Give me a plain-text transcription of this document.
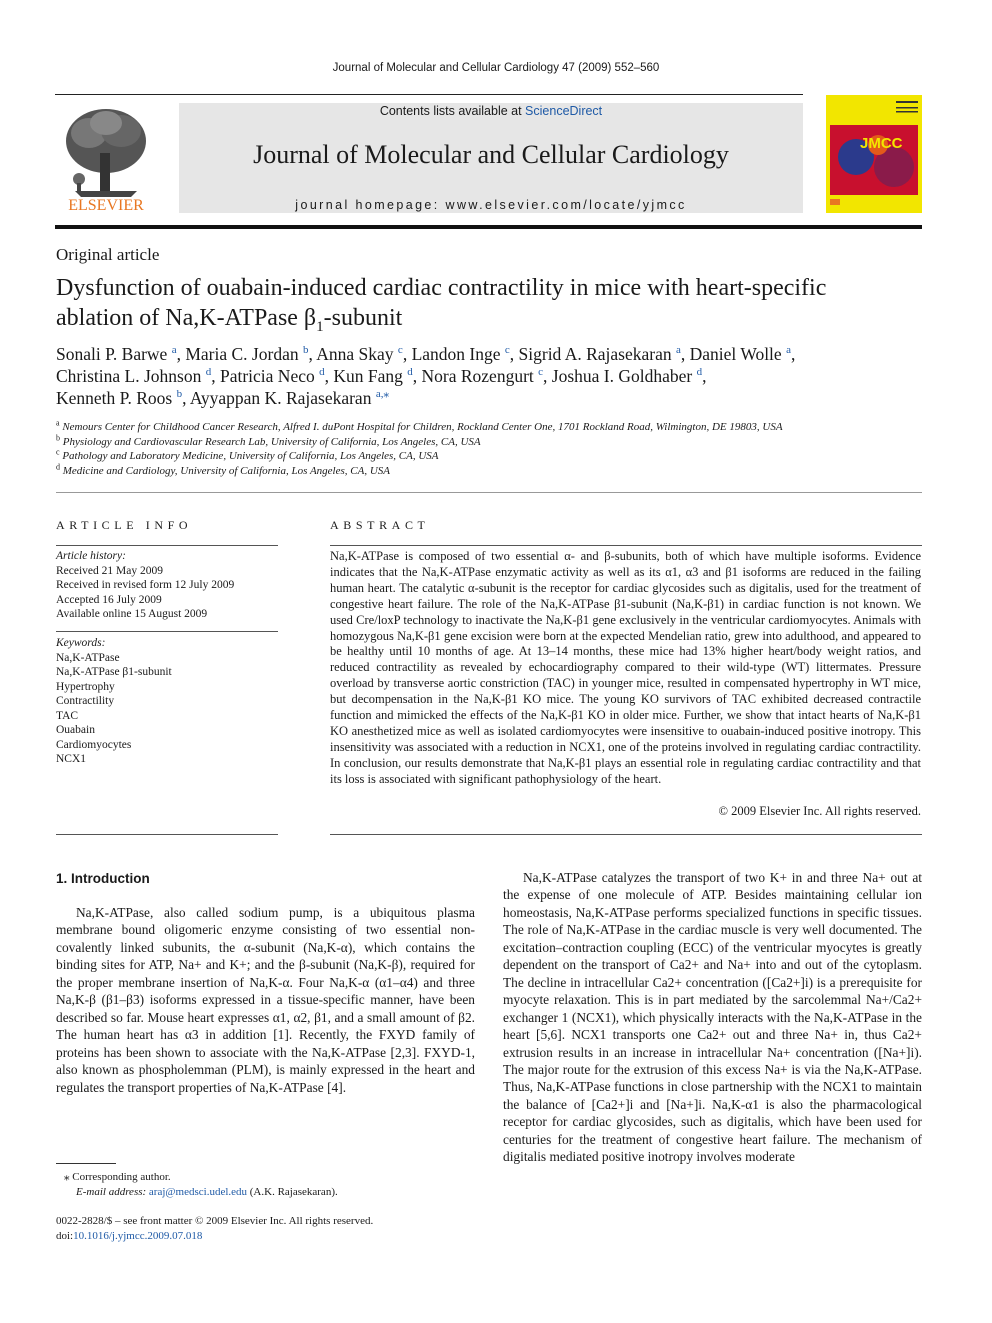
Journal of Molecular and Cellular Cardiology 47 (2009) 552–560
ELSEVIER
Contents lists available at ScienceDirect
Journal of Molecular and Cellular Cardiology
journal homepage: www.elsevier.com/locate/yjmcc
JMCC
Original article
Dysfunction of ouabain-induced cardiac contractility in mice with heart-specific
ablation of Na,K-ATPase $\beta_1$-subunit
Sonali P. Barwe $^a$, Maria C. Jordan $^b$, Anna Skay $^c$, Landon Inge $^c$, Sigrid A. Rajasekaran $^a$, Daniel Wolle $^a$,
Christina L. Johnson $^d$, Patricia Neco $^d$, Kun Fang $^d$, Nora Rozengurt $^c$, Joshua I. Goldhaber $^d$,
Kenneth P. Roos $^b$, Ayyappan K. Rajasekaran $^{a,⁎}$
$^a$ Nemours Center for Childhood Cancer Research, Alfred I. duPont Hospital for Children, Rockland Center One, 1701 Rockland Road, Wilmington, DE 19803, USA
$^b$ Physiology and Cardiovascular Research Lab, University of California, Los Angeles, CA, USA
$^c$ Pathology and Laboratory Medicine, University of California, Los Angeles, CA, USA
$^d$ Medicine and Cardiology, University of California, Los Angeles, CA, USA
ARTICLE INFO	ABSTRACT
Article history:
Received 21 May 2009
Received in revised form 12 July 2009
Accepted 16 July 2009
Available online 15 August 2009
Keywords:
Na,K-ATPase
Na,K-ATPase β1-subunit
Hypertrophy
Contractility
TAC
Ouabain
Cardiomyocytes
NCX1
Na,K-ATPase is composed of two essential α- and β-subunits, both of which have multiple isoforms. Evidence indicates that the Na,K-ATPase enzymatic activity as well as its α1, α3 and β1 isoforms are reduced in the failing human heart. The catalytic α-subunit is the receptor for cardiac glycosides such as digitalis, used for the treatment of congestive heart failure. The role of the Na,K-ATPase β1-subunit (Na,K-β1) in cardiac function is not known. We used Cre/loxP technology to inactivate the Na,K-β1 gene exclusively in the ventricular cardiomyocytes. Animals with homozygous Na,K-β1 gene excision were born at the expected Mendelian ratio, grew into adulthood, and appeared to be healthy until 10 months of age. At 13–14 months, these mice had 13% higher heart/body weight ratios, and reduced contractility as revealed by echocardiography compared to their wild-type (WT) littermates. Pressure overload by transverse aortic constriction (TAC) in younger mice, resulted in compensated hypertrophy in WT mice, but decompensation in the Na,K-β1 KO mice. The young KO survivors of TAC exhibited decreased contractile function and mimicked the effects of the Na,K-β1 KO in older mice. Further, we show that intact hearts of Na,K-β1 KO anesthetized mice as well as isolated cardiomyocytes were insensitive to ouabain-induced positive inotropy. This insensitivity was associated with a reduction in NCX1, one of the proteins involved in regulating cardiac contractility. In conclusion, our results demonstrate that Na,K-β1 plays an essential role in regulating cardiac contractility and that its loss is associated with significant pathophysiology of the heart.
© 2009 Elsevier Inc. All rights reserved.
1. Introduction
Na,K-ATPase, also called sodium pump, is a ubiquitous plasma membrane bound oligomeric enzyme consisting of two essential non-covalently linked subunits, the α-subunit (Na,K-α), which contains the binding sites for ATP, Na+ and K+; and the β-subunit (Na,K-β), required for the proper membrane insertion of Na,K-α. Four Na,K-α (α1–α4) and three Na,K-β (β1–β3) isoforms expressed in a tissue-specific manner, have been described so far. Mouse heart expresses α1, α2, β1, and a small amount of β2. The human heart has α3 in addition [1]. Recently, the FXYD family of proteins has been shown to associate with the Na,K-ATPase [2,3]. FXYD-1, also known as phospholemman (PLM), is mainly expressed in the heart and regulates the transport properties of Na,K-ATPase [4].
Na,K-ATPase catalyzes the transport of two K+ in and three Na+ out at the expense of one molecule of ATP. Besides maintaining cellular ion homeostasis, Na,K-ATPase performs specialized functions in specific tissues. The role of Na,K-ATPase in the cardiac muscle is very well documented. The excitation–contraction coupling (ECC) of the ventricular myocytes is greatly dependent on the transport of Ca2+ and Na+ into and out of the cytoplasm. The decline in intracellular Ca2+ concentration ([Ca2+]i) is a prerequisite for myocyte relaxation. This is in part mediated by the sarcolemmal Na+/Ca2+ exchanger 1 (NCX1), which physically interacts with the Na,K-ATPase in the heart [5,6]. NCX1 transports one Ca2+ out and three Na+ in, thus Ca2+ extrusion results in an increase in intracellular Na+ concentration ([Na+]i). The major route for the extrusion of this excess Na+ is via the Na,K-ATPase. Thus, Na,K-ATPase functions in close partnership with the NCX1 to maintain the balance of [Ca2+]i and [Na+]i. Na,K-α1 is also the pharmacological receptor for cardiac glycosides, such as digitalis, which have been used for centuries for the treatment of congestive heart failure. The mechanism of digitalis mediated positive inotropy involves moderate
⁎ Corresponding author.
E-mail address: araj@medsci.udel.edu (A.K. Rajasekaran).
0022-2828/$ – see front matter © 2009 Elsevier Inc. All rights reserved.
doi:10.1016/j.yjmcc.2009.07.018
